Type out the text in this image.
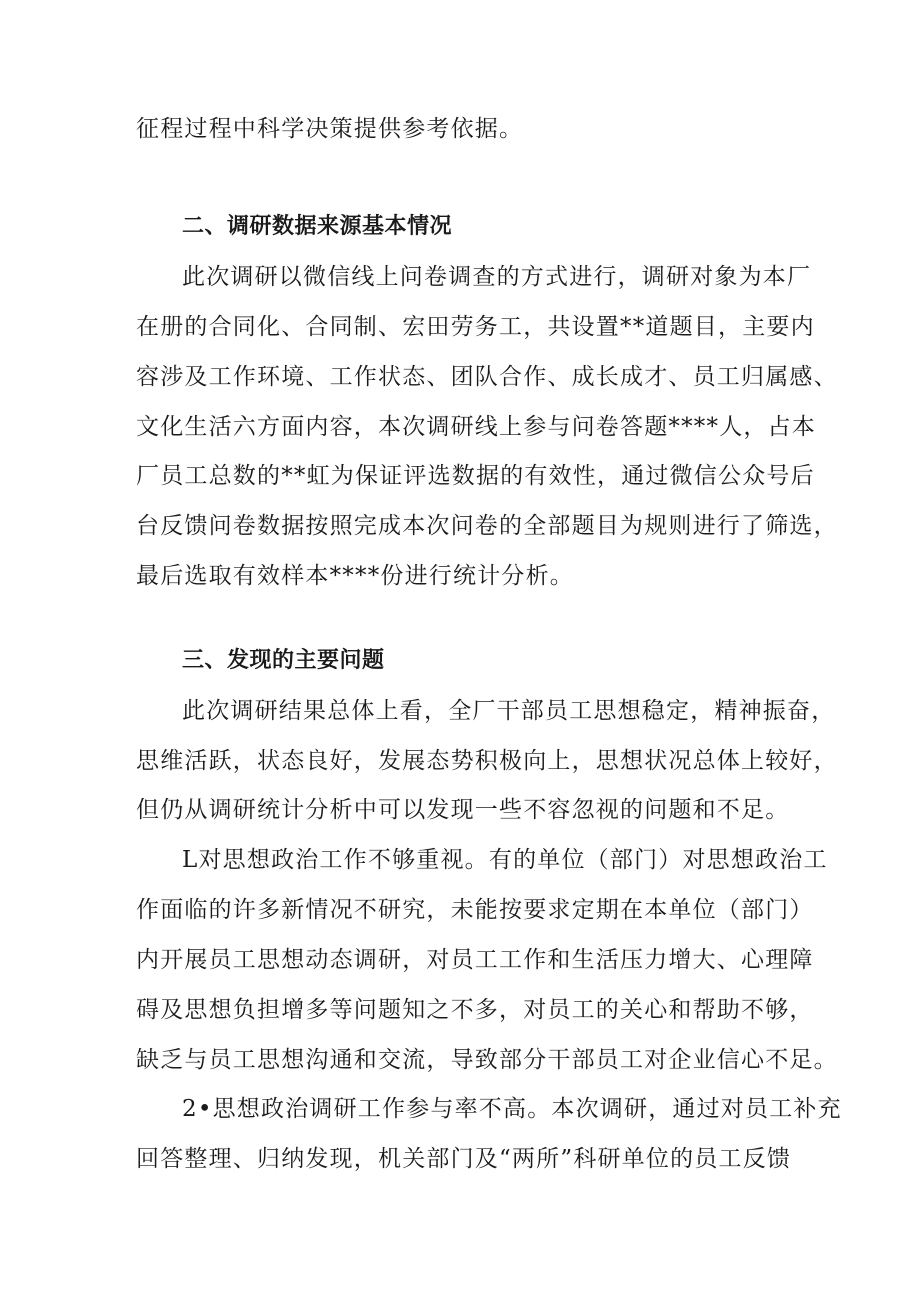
征程过程中科学决策提供参考依据。
二、调研数据来源基本情况
此次调研以微信线上问卷调查的方式进行，调研对象为本厂
在册的合同化、合同制、宏田劳务工，共设置**道题目，主要内
容涉及工作环境、工作状态、团队合作、成长成才、员工归属感、
文化生活六方面内容，本次调研线上参与问卷答题****人，占本
厂员工总数的**虹为保证评选数据的有效性，通过微信公众号后
台反馈问卷数据按照完成本次问卷的全部题目为规则进行了筛选，
最后选取有效样本****份进行统计分析。
三、发现的主要问题
此次调研结果总体上看，全厂干部员工思想稳定，精神振奋，
思维活跃，状态良好，发展态势积极向上，思想状况总体上较好，
但仍从调研统计分析中可以发现一些不容忽视的问题和不足。
L对思想政治工作不够重视。有的单位（部门）对思想政治工
作面临的许多新情况不研究，未能按要求定期在本单位（部门）
内开展员工思想动态调研，对员工工作和生活压力增大、心理障
碍及思想负担增多等问题知之不多，对员工的关心和帮助不够，
缺乏与员工思想沟通和交流，导致部分干部员工对企业信心不足。
2•思想政治调研工作参与率不高。本次调研，通过对员工补充
回答整理、归纳发现，机关部门及“两所”科研单位的员工反馈
